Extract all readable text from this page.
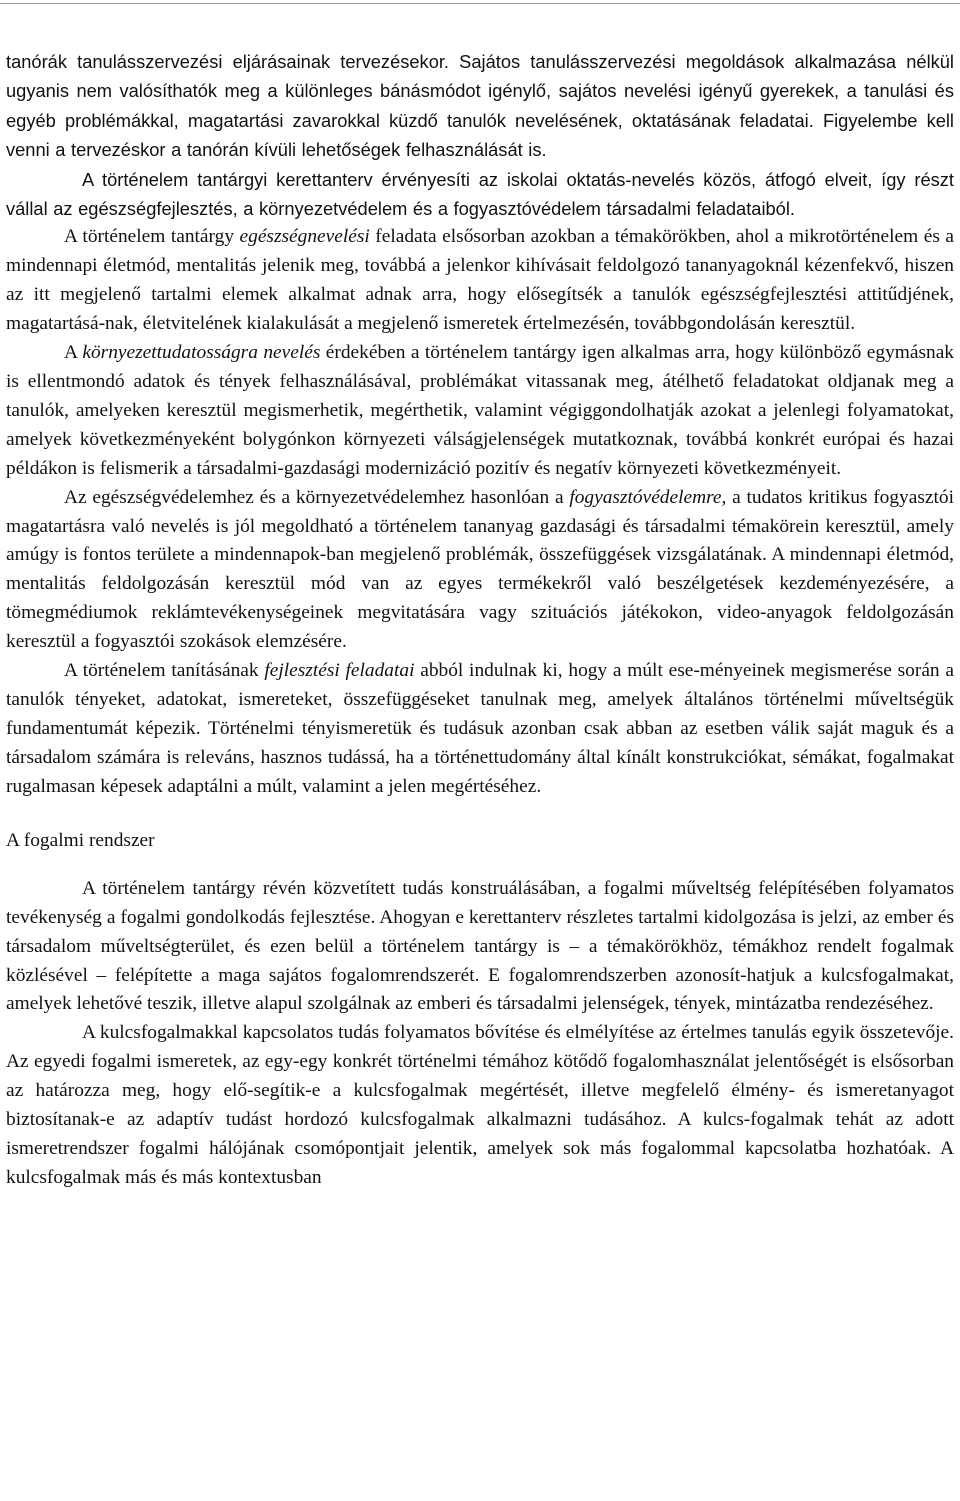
tanórák tanulásszervezési eljárásainak tervezésekor. Sajátos tanulásszervezési megoldások alkalmazása nélkül ugyanis nem valósíthatók meg a különleges bánásmódot igénylő, sajátos nevelési igényű gyerekek, a tanulási és egyéb problémákkal, magatartási zavarokkal küzdő tanulók nevelésének, oktatásának feladatai. Figyelembe kell venni a tervezéskor a tanórán kívüli lehetőségek felhasználását is.

A történelem tantárgyi kerettanterv érvényesíti az iskolai oktatás-nevelés közös, átfogó elveit, így részt vállal az egészségfejlesztés, a környezetvédelem és a fogyasztóvédelem társadalmi feladataiból.

A történelem tantárgy egészségnevelési feladata elsősorban azokban a témakörökben, ahol a mikrotörténelem és a mindennapi életmód, mentalitás jelenik meg, továbbá a jelenkor kihívásait feldolgozó tananyagoknál kézenfekvő, hiszen az itt megjelenő tartalmi elemek alkalmat adnak arra, hogy elősegítsék a tanulók egészségfejlesztési attitűdjének, magatartásá-nak, életvitelének kialakulását a megjelenő ismeretek értelmezésén, továbbgondolásán keresztül.

A környezettudatosságra nevelés érdekében a történelem tantárgy igen alkalmas arra, hogy különböző egymásnak is ellentmondó adatok és tények felhasználásával, problémákat vitassanak meg, átélhető feladatokat oldjanak meg a tanulók, amelyeken keresztül megismerhetik, megérthetik, valamint végiggondolhatják azokat a jelenlegi folyamatokat, amelyek következményeként bolygónkon környezeti válságjelenségek mutatkoznak, továbbá konkrét európai és hazai példákon is felismerik a társadalmi-gazdasági modernizáció pozitív és negatív környezeti következményeit.

Az egészségvédelemhez és a környezetvédelemhez hasonlóan a fogyasztóvédelemre, a tudatos kritikus fogyasztói magatartásra való nevelés is jól megoldható a történelem tananyag gazdasági és társadalmi témakörein keresztül, amely amúgy is fontos területe a mindennapok-ban megjelenő problémák, összefüggések vizsgálatának. A mindennapi életmód, mentalitás feldolgozásán keresztül mód van az egyes termékekről való beszélgetések kezdeményezésére, a tömegmédiumok reklámtevékenységeinek megvitatására vagy szituációs játékokon, video-anyagok feldolgozásán keresztül a fogyasztói szokások elemzésére.

A történelem tanításának fejlesztési feladatai abból indulnak ki, hogy a múlt ese-ményeinek megismerése során a tanulók tényeket, adatokat, ismereteket, összefüggéseket tanulnak meg, amelyek általános történelmi műveltségük fundamentumát képezik. Történelmi tényismeretük és tudásuk azonban csak abban az esetben válik saját maguk és a társadalom számára is releváns, hasznos tudássá, ha a történettudomány által kínált konstrukciókat, sémákat, fogalmakat rugalmasan képesek adaptálni a múlt, valamint a jelen megértéséhez.

A fogalmi rendszer

A történelem tantárgy révén közvetített tudás konstruálásában, a fogalmi műveltség felépítésében folyamatos tevékenység a fogalmi gondolkodás fejlesztése. Ahogyan e kerettanterv részletes tartalmi kidolgozása is jelzi, az ember és társadalom műveltségterület, és ezen belül a történelem tantárgy is – a témakörökhöz, témákhoz rendelt fogalmak közlésével – felépítette a maga sajátos fogalomrendszerét. E fogalomrendszerben azonosít-hatjuk a kulcsfogalmakat, amelyek lehetővé teszik, illetve alapul szolgálnak az emberi és társadalmi jelenségek, tények, mintázatba rendezéséhez.

A kulcsfogalmakkal kapcsolatos tudás folyamatos bővítése és elmélyítése az értelmes tanulás egyik összetevője. Az egyedi fogalmi ismeretek, az egy-egy konkrét történelmi témához kötődő fogalomhasználat jelentőségét is elsősorban az határozza meg, hogy elő-segítik-e a kulcsfogalmak megértését, illetve megfelelő élmény- és ismeretanyagot biztosítanak-e az adaptív tudást hordozó kulcsfogalmak alkalmazni tudásához. A kulcs-fogalmak tehát az adott ismeretrendszer fogalmi hálójának csomópontjait jelentik, amelyek sok más fogalommal kapcsolatba hozhatóak. A kulcsfogalmak más és más kontextusban
